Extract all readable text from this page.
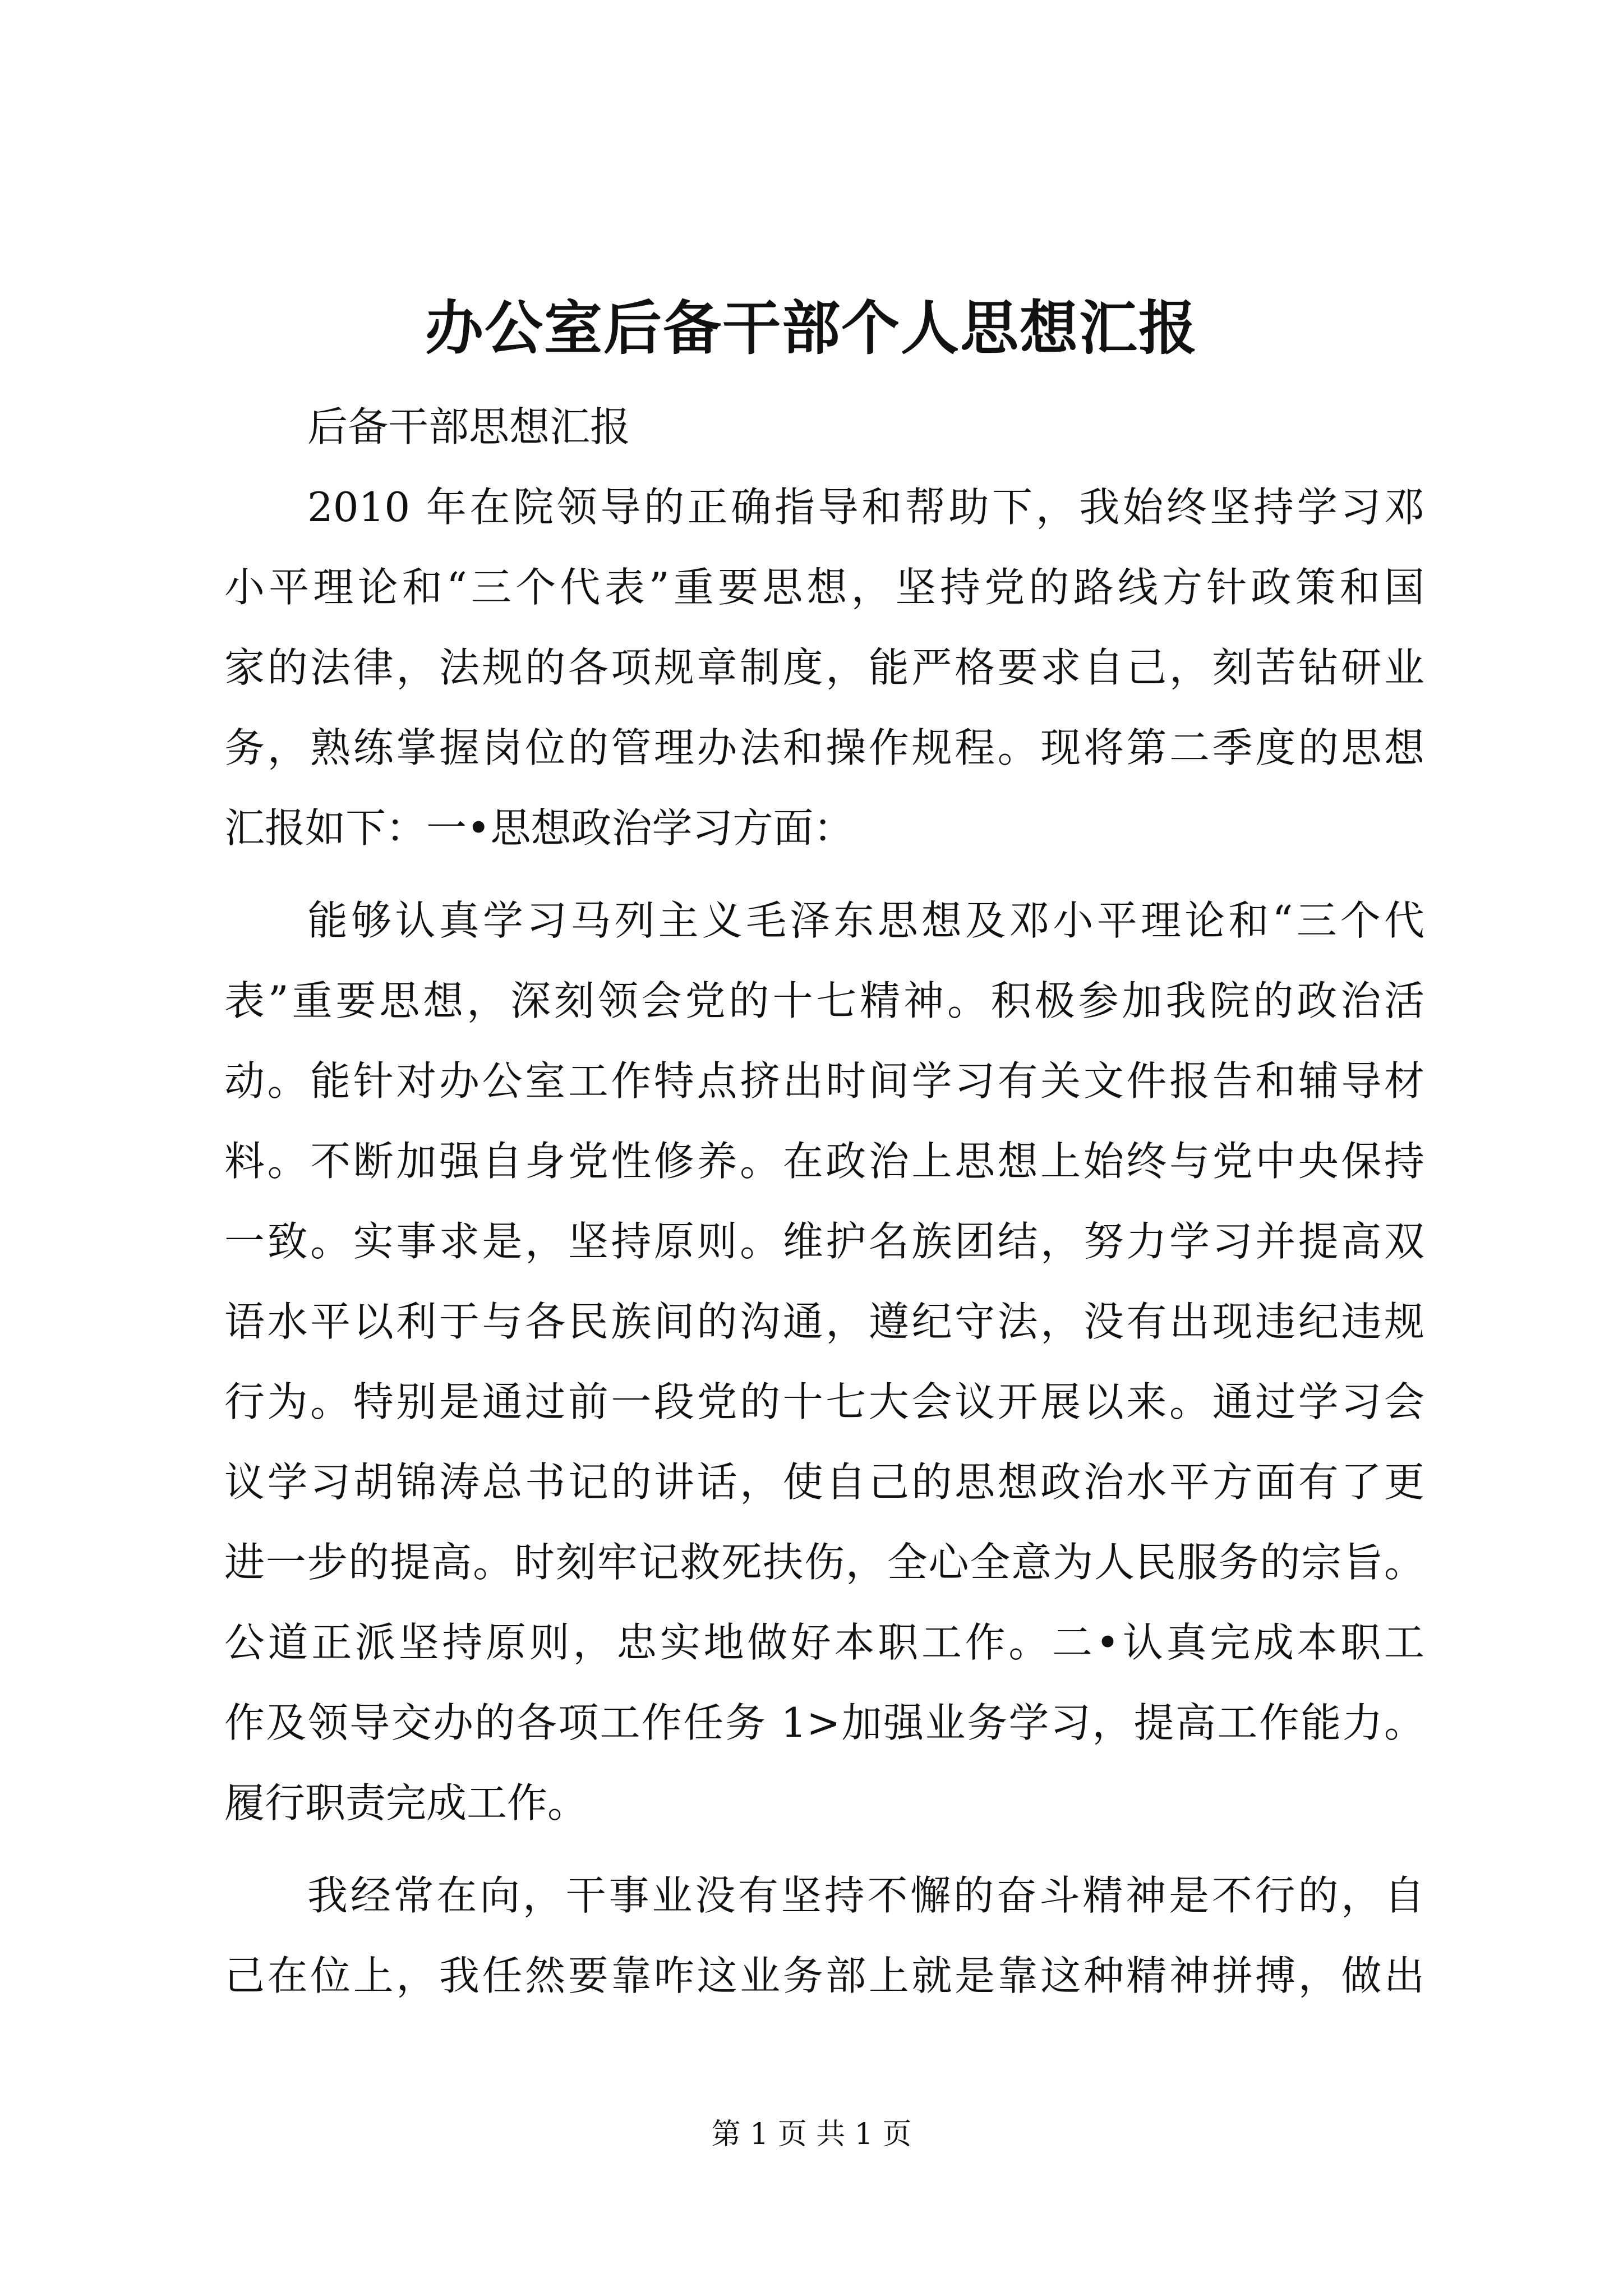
办公室后备干部个人思想汇报
后备干部思想汇报
2010 年在院领导的正确指导和帮助下，我始终坚持学习邓
小平理论和“三个代表”重要思想，坚持党的路线方针政策和国
家的法律，法规的各项规章制度，能严格要求自己，刻苦钻研业
务，熟练掌握岗位的管理办法和操作规程。现将第二季度的思想
汇报如下：一•思想政治学习方面：
能够认真学习马列主义毛泽东思想及邓小平理论和“三个代
表”重要思想，深刻领会党的十七精神。积极参加我院的政治活
动。能针对办公室工作特点挤出时间学习有关文件报告和辅导材
料。不断加强自身党性修养。在政治上思想上始终与党中央保持
一致。实事求是，坚持原则。维护名族团结，努力学习并提高双
语水平以利于与各民族间的沟通，遵纪守法，没有出现违纪违规
行为。特别是通过前一段党的十七大会议开展以来。通过学习会
议学习胡锦涛总书记的讲话，使自己的思想政治水平方面有了更
进一步的提高。时刻牢记救死扶伤，全心全意为人民服务的宗旨。
公道正派坚持原则，忠实地做好本职工作。二•认真完成本职工
作及领导交办的各项工作任务 1>加强业务学习，提高工作能力。
履行职责完成工作。
我经常在向，干事业没有坚持不懈的奋斗精神是不行的，自
己在位上，我任然要靠咋这业务部上就是靠这种精神拼搏，做出
第 1 页 共 1 页
